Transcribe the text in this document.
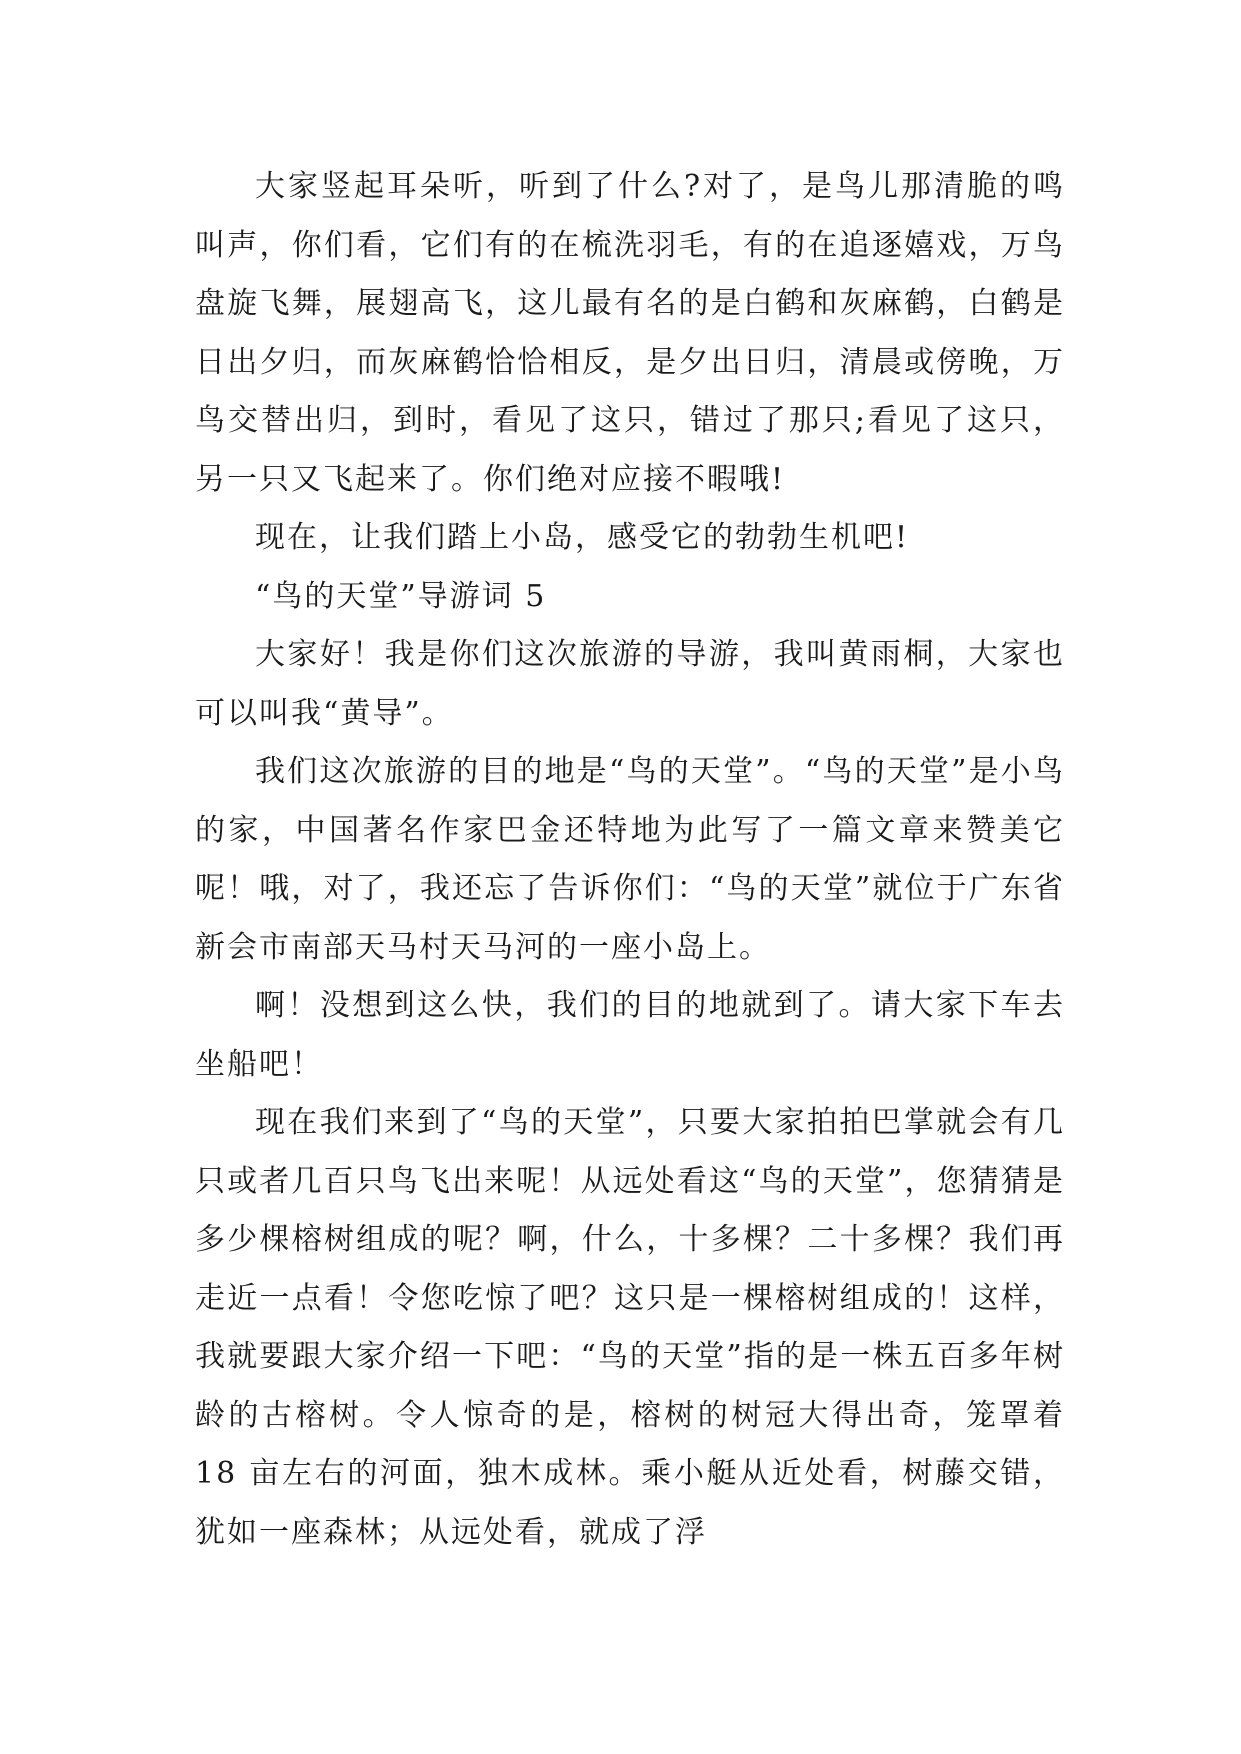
大家竖起耳朵听，听到了什么?对了，是鸟儿那清脆的鸣叫声，你们看，它们有的在梳洗羽毛，有的在追逐嬉戏，万鸟盘旋飞舞，展翅高飞，这儿最有名的是白鹤和灰麻鹤，白鹤是日出夕归，而灰麻鹤恰恰相反，是夕出日归，清晨或傍晚，万鸟交替出归，到时，看见了这只，错过了那只;看见了这只，另一只又飞起来了。你们绝对应接不暇哦!

现在，让我们踏上小岛，感受它的勃勃生机吧!

“鸟的天堂”导游词 5

大家好！我是你们这次旅游的导游，我叫黄雨桐，大家也可以叫我“黄导”。

我们这次旅游的目的地是“鸟的天堂”。“鸟的天堂”是小鸟的家，中国著名作家巴金还特地为此写了一篇文章来赞美它呢！哦，对了，我还忘了告诉你们：“鸟的天堂”就位于广东省新会市南部天马村天马河的一座小岛上。

啊！没想到这么快，我们的目的地就到了。请大家下车去坐船吧！

现在我们来到了“鸟的天堂”，只要大家拍拍巴掌就会有几只或者几百只鸟飞出来呢！从远处看这“鸟的天堂”，您猜猜是多少棵榕树组成的呢？啊，什么，十多棵？二十多棵？我们再走近一点看！令您吃惊了吧？这只是一棵榕树组成的！这样，我就要跟大家介绍一下吧：“鸟的天堂”指的是一株五百多年树龄的古榕树。令人惊奇的是，榕树的树冠大得出奇，笼罩着 18 亩左右的河面，独木成林。乘小艇从近处看，树藤交错，犹如一座森林；从远处看，就成了浮
